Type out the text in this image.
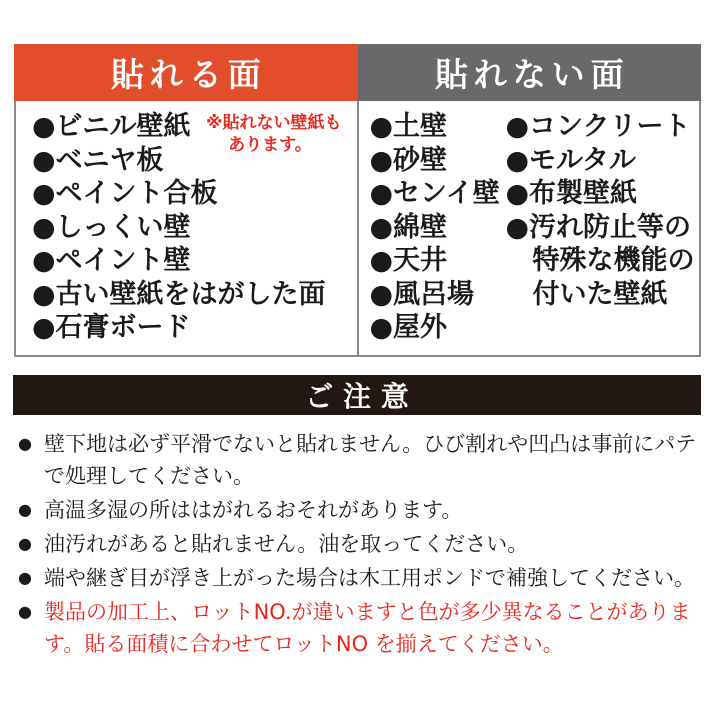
貼れる面
●ビニル壁紙
●ベニヤ板
●ペイント合板
●しっくい壁
●ペイント壁
●古い壁紙をはがした面
●石膏ボード
※貼れない壁紙も
あります。
貼れない面
●土壁
●砂壁
●センイ壁
●綿壁
●天井
●風呂場
●屋外
●コンクリート
●モルタル
●布製壁紙
●汚れ防止等の
特殊な機能の
付いた壁紙
ご注意
● 壁下地は必ず平滑でないと貼れません。ひび割れや凹凸は事前にパテで処理してください。
● 高温多湿の所ははがれるおそれがあります。
● 油汚れがあると貼れません。油を取ってください。
● 端や継ぎ目が浮き上がった場合は木工用ポンドで補強してください。
● 製品の加工上、ロットNO.が違いますと色が多少異なることがあります。貼る面積に合わせてロットNO を揃えてください。
